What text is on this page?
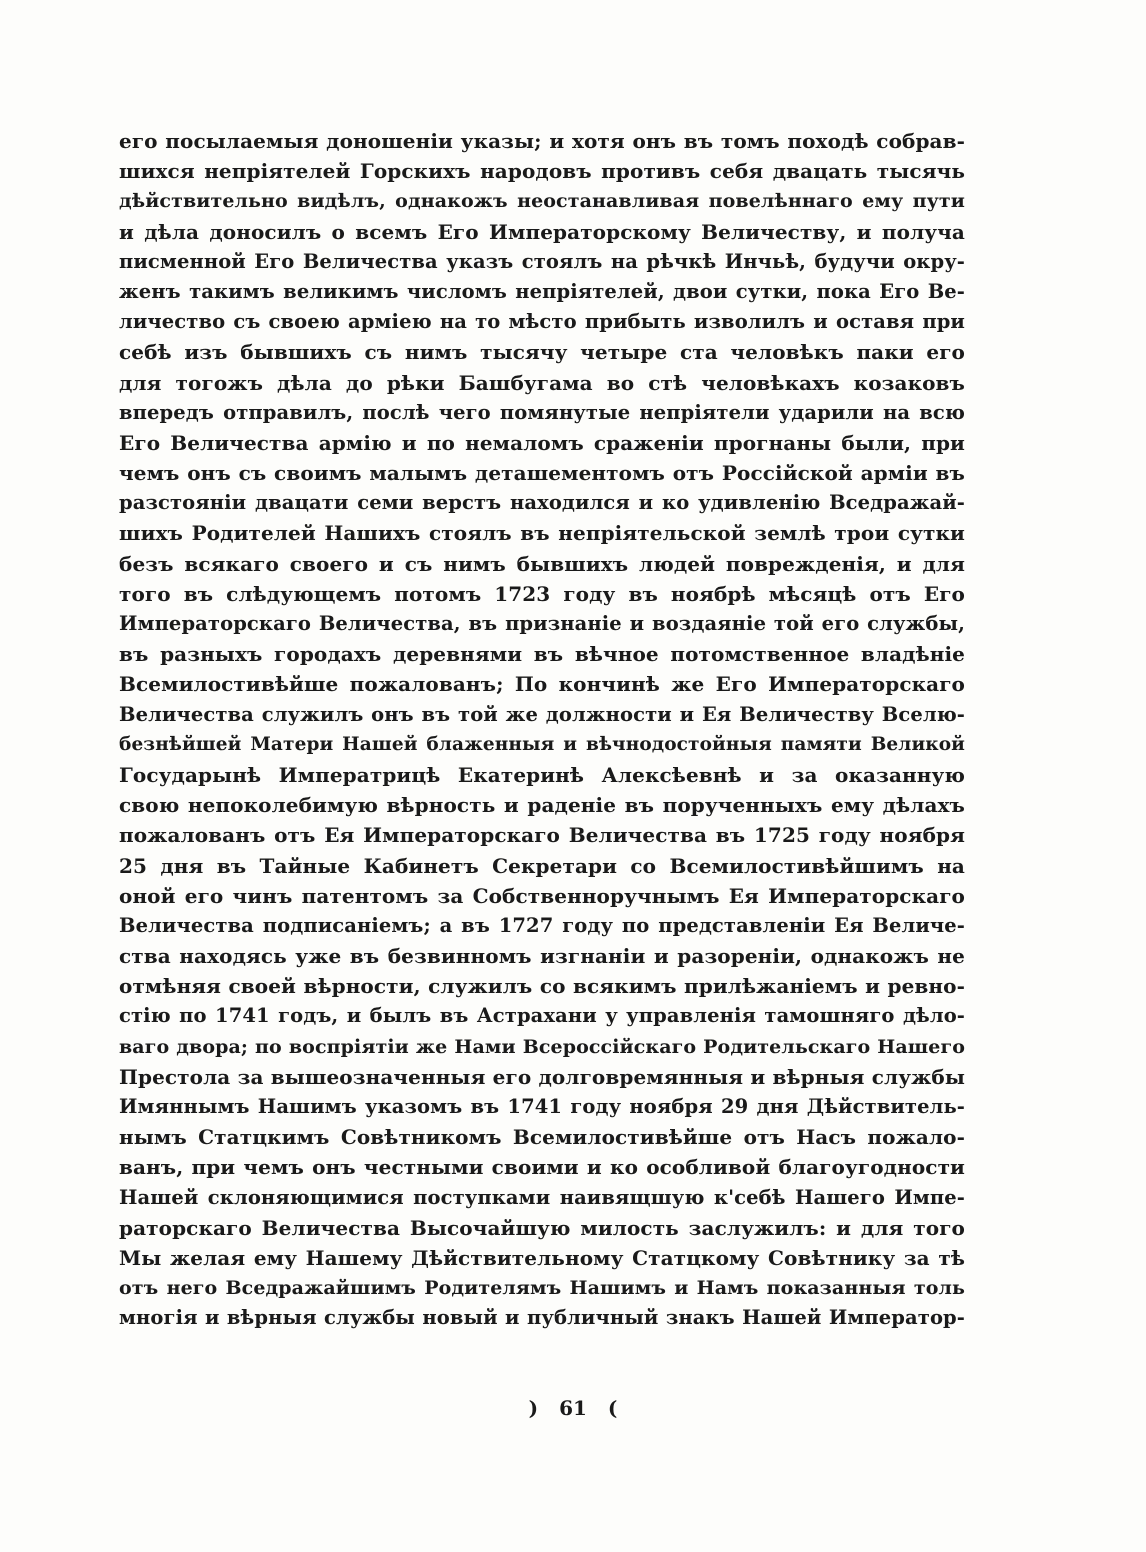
его посылаемыя доношенiи указы; и хотя онъ въ томъ походѣ собрав-
шихся непрiятелей Горскихъ народовъ противъ себя двацать тысячь
дѣйствительно видѣлъ, однакожъ неостанавливая повелѣннаго ему пути
и дѣла доносилъ о всемъ Его Императорскому Величеству, и получа
писменной Его Величества указъ стоялъ на рѣчкѣ Инчьѣ, будучи окру-
женъ такимъ великимъ числомъ непрiятелей, двои сутки, пока Его Ве-
личество съ своею армiею на то мѣсто прибыть изволилъ и оставя при
себѣ изъ бывшихъ съ нимъ тысячу четыре ста человѣкъ паки его
для тогожъ дѣла до рѣки Башбугама во стѣ человѣкахъ козаковъ
впередъ отправилъ, послѣ чего помянутые непрiятели ударили на всю
Его Величества армiю и по немаломъ сраженiи прогнаны были, при
чемъ онъ съ своимъ малымъ деташементомъ отъ Россiйской армiи въ
разстоянiи двацати семи верстъ находился и ко удивленiю Вседражай-
шихъ Родителей Нашихъ стоялъ въ непрiятельской землѣ трои сутки
безъ всякаго своего и съ нимъ бывшихъ людей поврежденiя, и для
того въ слѣдующемъ потомъ 1723 году въ ноябрѣ мѣсяцѣ отъ Его
Императорскаго Величества, въ признанiе и воздаянiе той его службы,
въ разныхъ городахъ деревнями въ вѣчное потомственное владѣнiе
Всемилостивѣйше пожалованъ; По кончинѣ же Его Императорскаго
Величества служилъ онъ въ той же должности и Ея Величеству Вселю-
безнѣйшей Матери Нашей блаженныя и вѣчнодостойныя памяти Великой
Государынѣ Императрицѣ Екатеринѣ Алексѣевнѣ и за оказанную
свою непоколебимую вѣрность и раденiе въ порученныхъ ему дѣлахъ
пожалованъ отъ Ея Императорскаго Величества въ 1725 году ноября
25 дня въ Тайные Кабинетъ Секретари со Всемилостивѣйшимъ на
оной его чинъ патентомъ за Собственноручнымъ Ея Императорскаго
Величества подписанiемъ; а въ 1727 году по представленiи Ея Величе-
ства находясь уже въ безвинномъ изгнанiи и разоренiи, однакожъ не
отмѣняя своей вѣрности, служилъ со всякимъ прилѣжанiемъ и ревно-
стiю по 1741 годъ, и былъ въ Астрахани у управленiя тамошняго дѣло-
ваго двора; по воспрiятiи же Нами Всероссiйскаго Родительскаго Нашего
Престола за вышеозначенныя его долговремянныя и вѣрныя службы
Имяннымъ Нашимъ указомъ въ 1741 году ноября 29 дня Дѣйствитель-
нымъ Статцкимъ Совѣтникомъ Всемилостивѣйше отъ Насъ пожало-
ванъ, при чемъ онъ честными своими и ко особливой благоугодности
Нашей склоняющимися поступками наивящшую к'себѣ Нашего Импе-
раторскаго Величества Высочайшую милость заслужилъ: и для того
Мы желая ему Нашему Дѣйствительному Статцкому Совѣтнику за тѣ
отъ него Вседражайшимъ Родителямъ Нашимъ и Намъ показанныя толь
многiя и вѣрныя службы новый и публичный знакъ Нашей Император-
) 61 (
